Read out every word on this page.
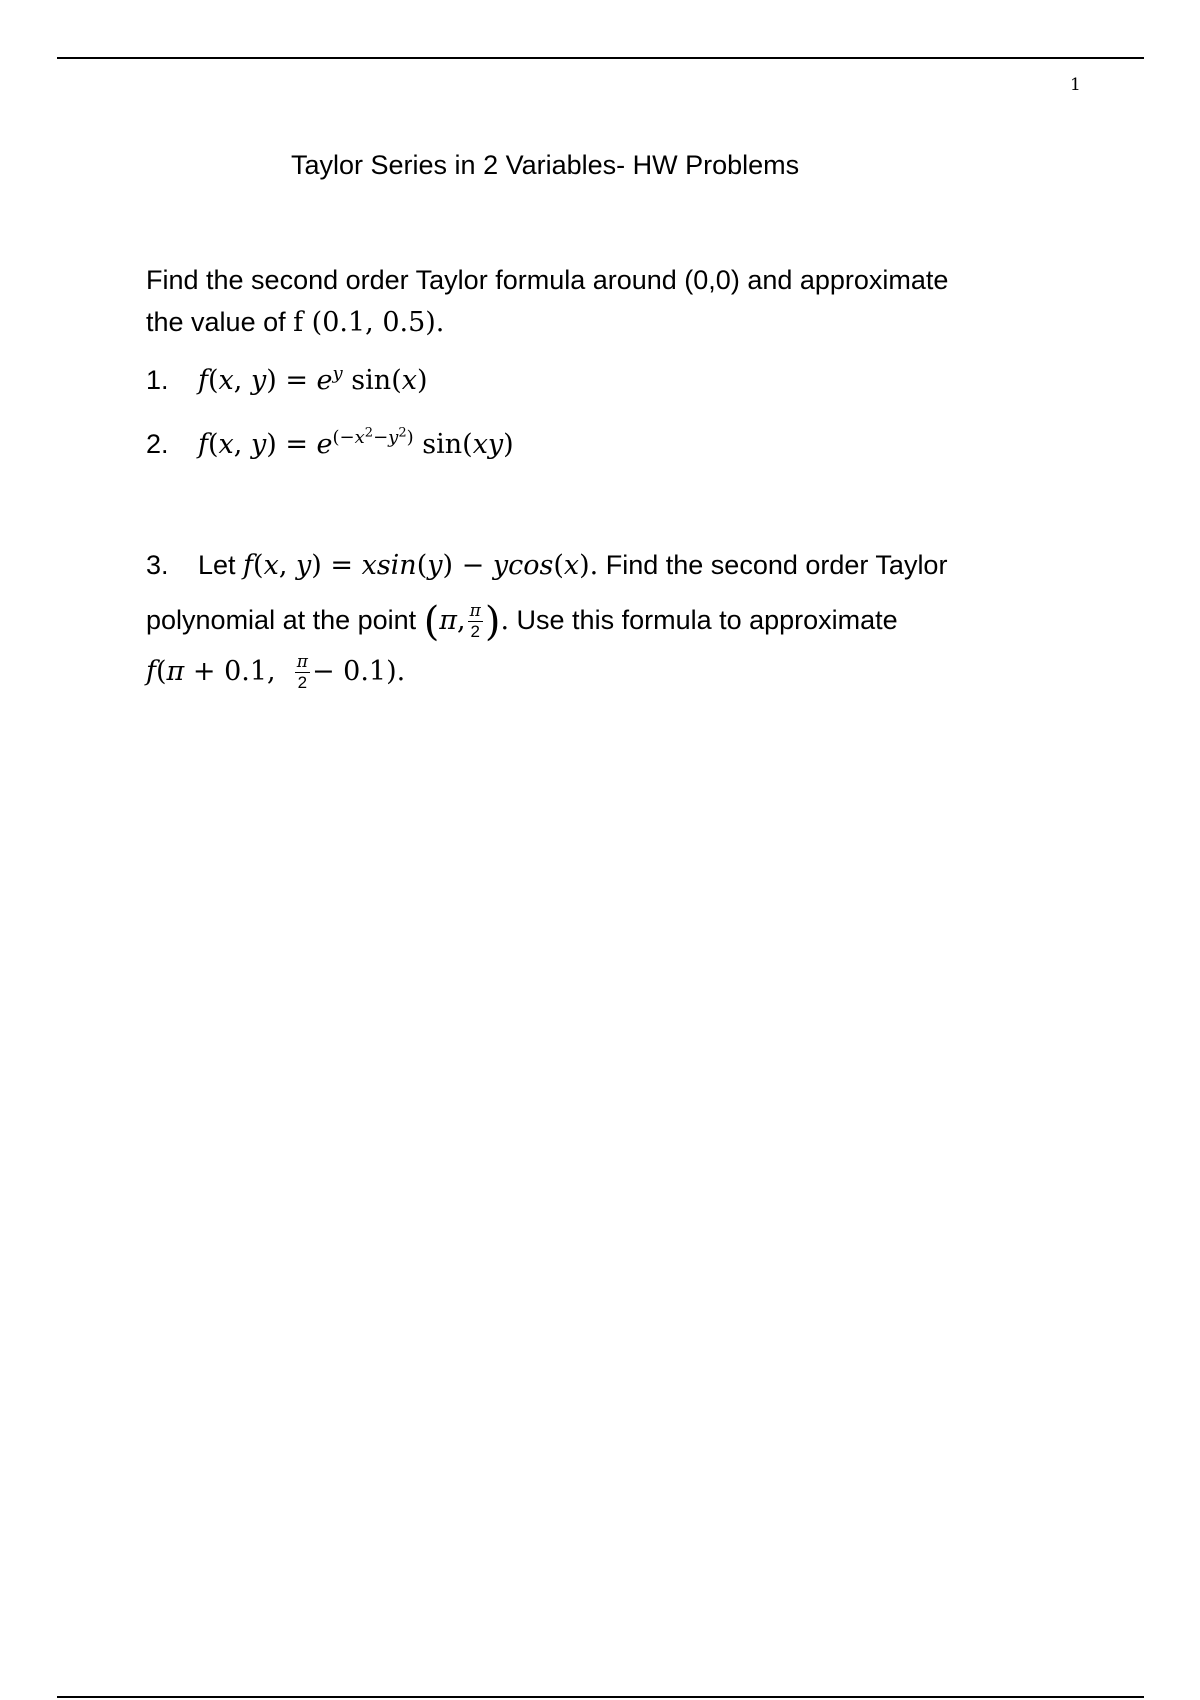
1
Taylor Series in 2 Variables- HW Problems
Find the second order Taylor formula around (0,0) and approximate
the value of f (0.1, 0.5).
1. f(x, $y) = e^y$ sin(x)
2. f(x, $y) = e^{(-x^2-y^2)}$ sin(xy)
3. Let f(x, y) = xsin(y) − ycos(x). Find the second order Taylor
polynomial at the point (π, $\frac{\pi}{2}$ ). Use this formula to approximate
f(π + 0.1, $\frac{\pi}{2} - 0.1$).
